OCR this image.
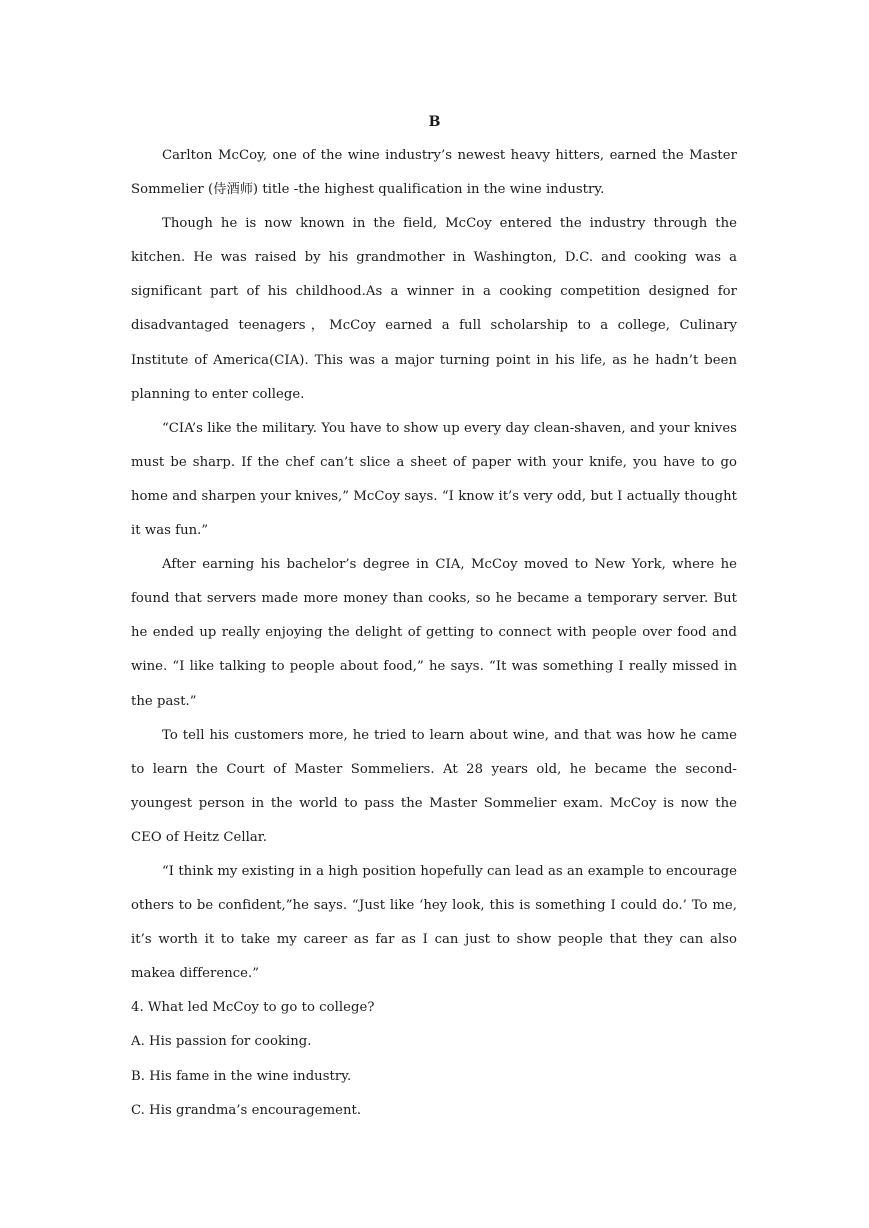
B

Carlton McCoy, one of the wine industry’s newest heavy hitters, earned the Master Sommelier (侍酒师) title -the highest qualification in the wine industry.

Though he is now known in the field, McCoy entered the industry through the kitchen. He was raised by his grandmother in Washington, D.C. and cooking was a significant part of his childhood.As a winner in a cooking competition designed for disadvantaged teenagers，McCoy earned a full scholarship to a college, Culinary Institute of America(CIA). This was a major turning point in his life, as he hadn’t been planning to enter college.

“CIA’s like the military. You have to show up every day clean-shaven, and your knives must be sharp. If the chef can’t slice a sheet of paper with your knife, you have to go home and sharpen your knives,” McCoy says. “I know it’s very odd, but I actually thought it was fun.”

After earning his bachelor’s degree in CIA, McCoy moved to New York, where he found that servers made more money than cooks, so he became a temporary server. But he ended up really enjoying the delight of getting to connect with people over food and wine. “I like talking to people about food,” he says. “It was something I really missed in the past.”

To tell his customers more, he tried to learn about wine, and that was how he came to learn the Court of Master Sommeliers. At 28 years old, he became the second-youngest person in the world to pass the Master Sommelier exam. McCoy is now the CEO of Heitz Cellar.

“I think my existing in a high position hopefully can lead as an example to encourage others to be confident,”he says. “Just like ‘hey look, this is something I could do.’ To me, it’s worth it to take my career as far as I can just to show people that they can also makea difference.”

4. What led McCoy to go to college?

A. His passion for cooking.

B. His fame in the wine industry.

C. His grandma’s encouragement.
